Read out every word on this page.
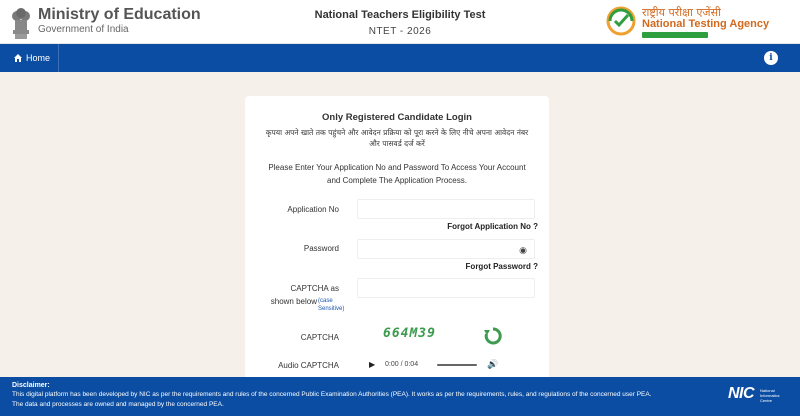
Ministry of Education
Government of India
National Teachers Eligibility Test
NTET - 2026
राष्ट्रीय परीक्षा एजेंसी
National Testing Agency
Home	i
Only Registered Candidate Login
कृपया अपने खाते तक पहुंचने और आवेदन प्रक्रिया को पूरा करने के लिए नीचे अपना आवेदन नंबर और पासवर्ड दर्ज करें
Please Enter Your Application No and Password To Access Your Account and Complete The Application Process.
Application No
Forgot Application No ?
Password	◉
Forgot Password ?
CAPTCHA as
shown below (case Sensitive)
CAPTCHA	664M39
Audio CAPTCHA	▶ 0:00 / 0:04	🔊
Disclaimer:
This digital platform has been developed by NIC as per the requirements and rules of the concerned Public Examination Authorities (PEA). It works as per the requirements, rules, and regulations of the concerned user PEA.
The data and processes are owned and managed by the concerned PEA.
NIC National Informatics Centre
